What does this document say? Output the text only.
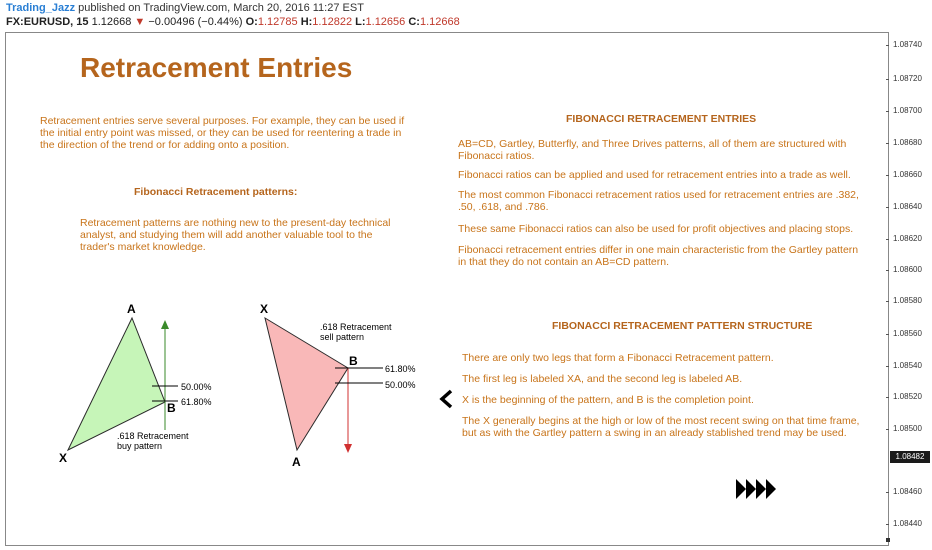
Trading_Jazz published on TradingView.com, March 20, 2016 11:27 EST
FX:EURUSD, 15 1.12668 ▼ −0.00496 (−0.44%) O:1.12785 H:1.12822 L:1.12656 C:1.12668
1.08740
1.08720
1.08700
1.08680
1.08660
1.08640
1.08620
1.08600
1.08580
1.08560
1.08540
1.08520
1.08500
1.08460
1.08440
1.08482
Retracement Entries
Retracement entries serve several purposes. For example, they can be used if the initial entry point was missed, or they can be used for reentering a trade in the direction of the trend or for adding onto a position.
Fibonacci Retracement patterns:
Retracement patterns are nothing new to the present-day technical analyst, and studying them will add another valuable tool to the trader's market knowledge.
FIBONACCI RETRACEMENT ENTRIES
AB=CD, Gartley, Butterfly, and Three Drives patterns, all of them are structured with Fibonacci ratios.
Fibonacci ratios can be applied and used for retracement entries into a trade as well.
The most common Fibonacci retracement ratios used for retracement entries are .382, .50, .618, and .786.
These same Fibonacci ratios can also be used for profit objectives and placing stops.
Fibonacci retracement entries differ in one main characteristic from the Gartley pattern in that they do not contain an AB=CD pattern.
FIBONACCI RETRACEMENT PATTERN STRUCTURE
There are only two legs that form a Fibonacci Retracement pattern.
The first leg is labeled XA, and the second leg is labeled AB.
X is the beginning of the pattern, and B is the completion point.
The X generally begins at the high or low of the most recent swing on that time frame, but as with the Gartley pattern a swing in an already stablished trend may be used.
A
X
B
50.00%
61.80%
.618 Retracement
buy pattern
X
A
B
61.80%
50.00%
.618 Retracement
sell pattern
